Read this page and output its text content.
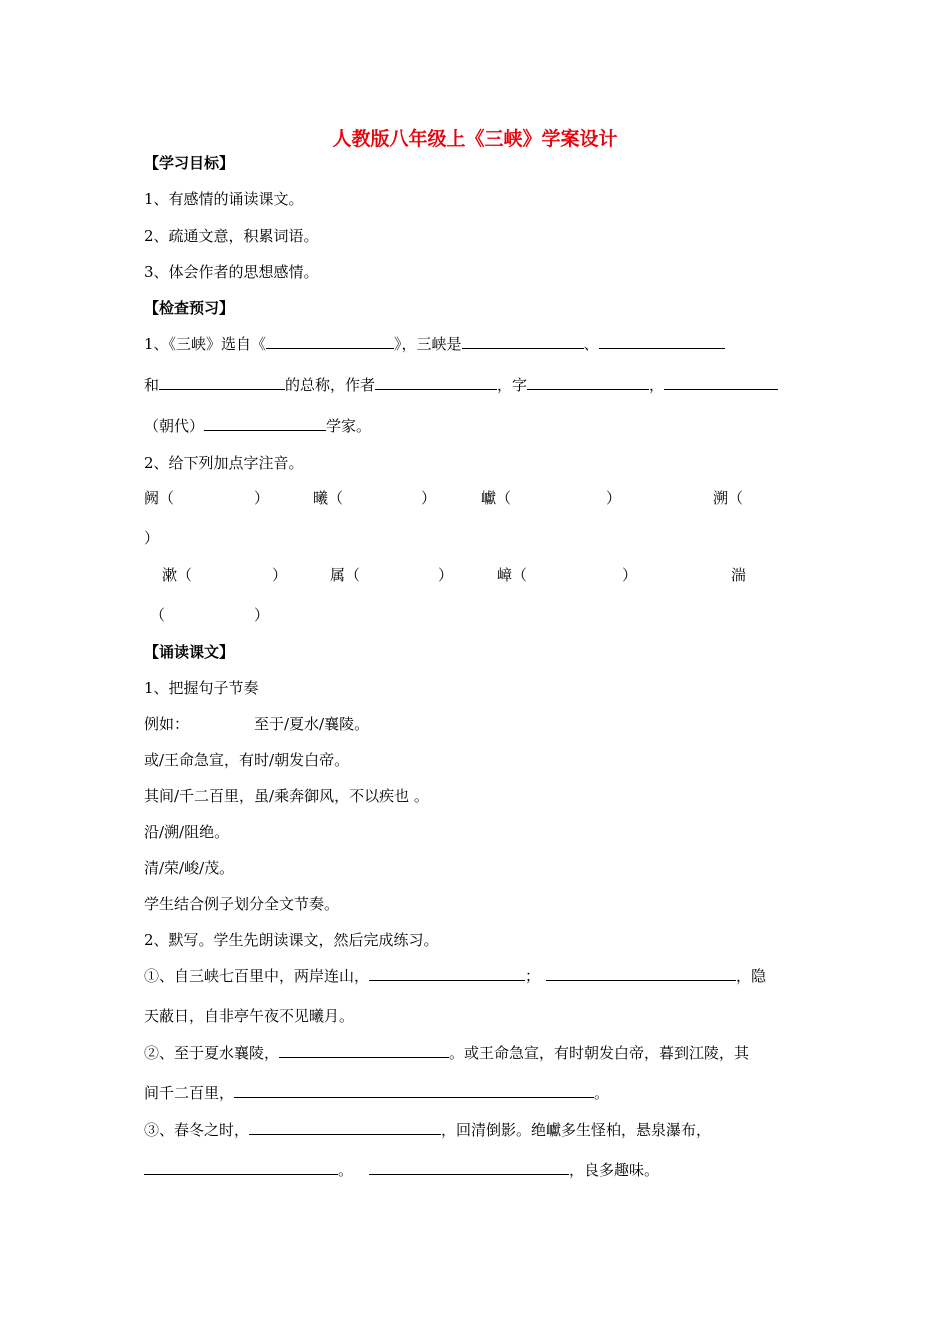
人教版八年级上《三峡》学案设计
【学习目标】
1、有感情的诵读课文。
2、疏通文意，积累词语。
3、体会作者的思想感情。
【检查预习】
1、《三峡》选自《	》，三峡是	、
和	的总称，作者	，字	，
（朝代）	学家。
2、给下列加点字注音。
阙（	）	曦（	）	巘（	）	溯（
）
漱（	）	属（	）	嶂（	）	湍
（	）
【诵读课文】
1、把握句子节奏
例如：	至于/夏水/襄陵。
或/王命急宣，有时/朝发白帝。
其间/千二百里，虽/乘奔御风，不以疾也 。
沿/溯/阻绝。
清/荣/峻/茂。
学生结合例子划分全文节奏。
2、默写。学生先朗读课文，然后完成练习。
①、自三峡七百里中，两岸连山，	；	，隐
天蔽日，自非亭午夜不见曦月。
②、至于夏水襄陵，	。或王命急宣，有时朝发白帝，暮到江陵，其
间千二百里，	。
③、春冬之时，	，回清倒影。绝巘多生怪柏，悬泉瀑布，
。	，良多趣味。
